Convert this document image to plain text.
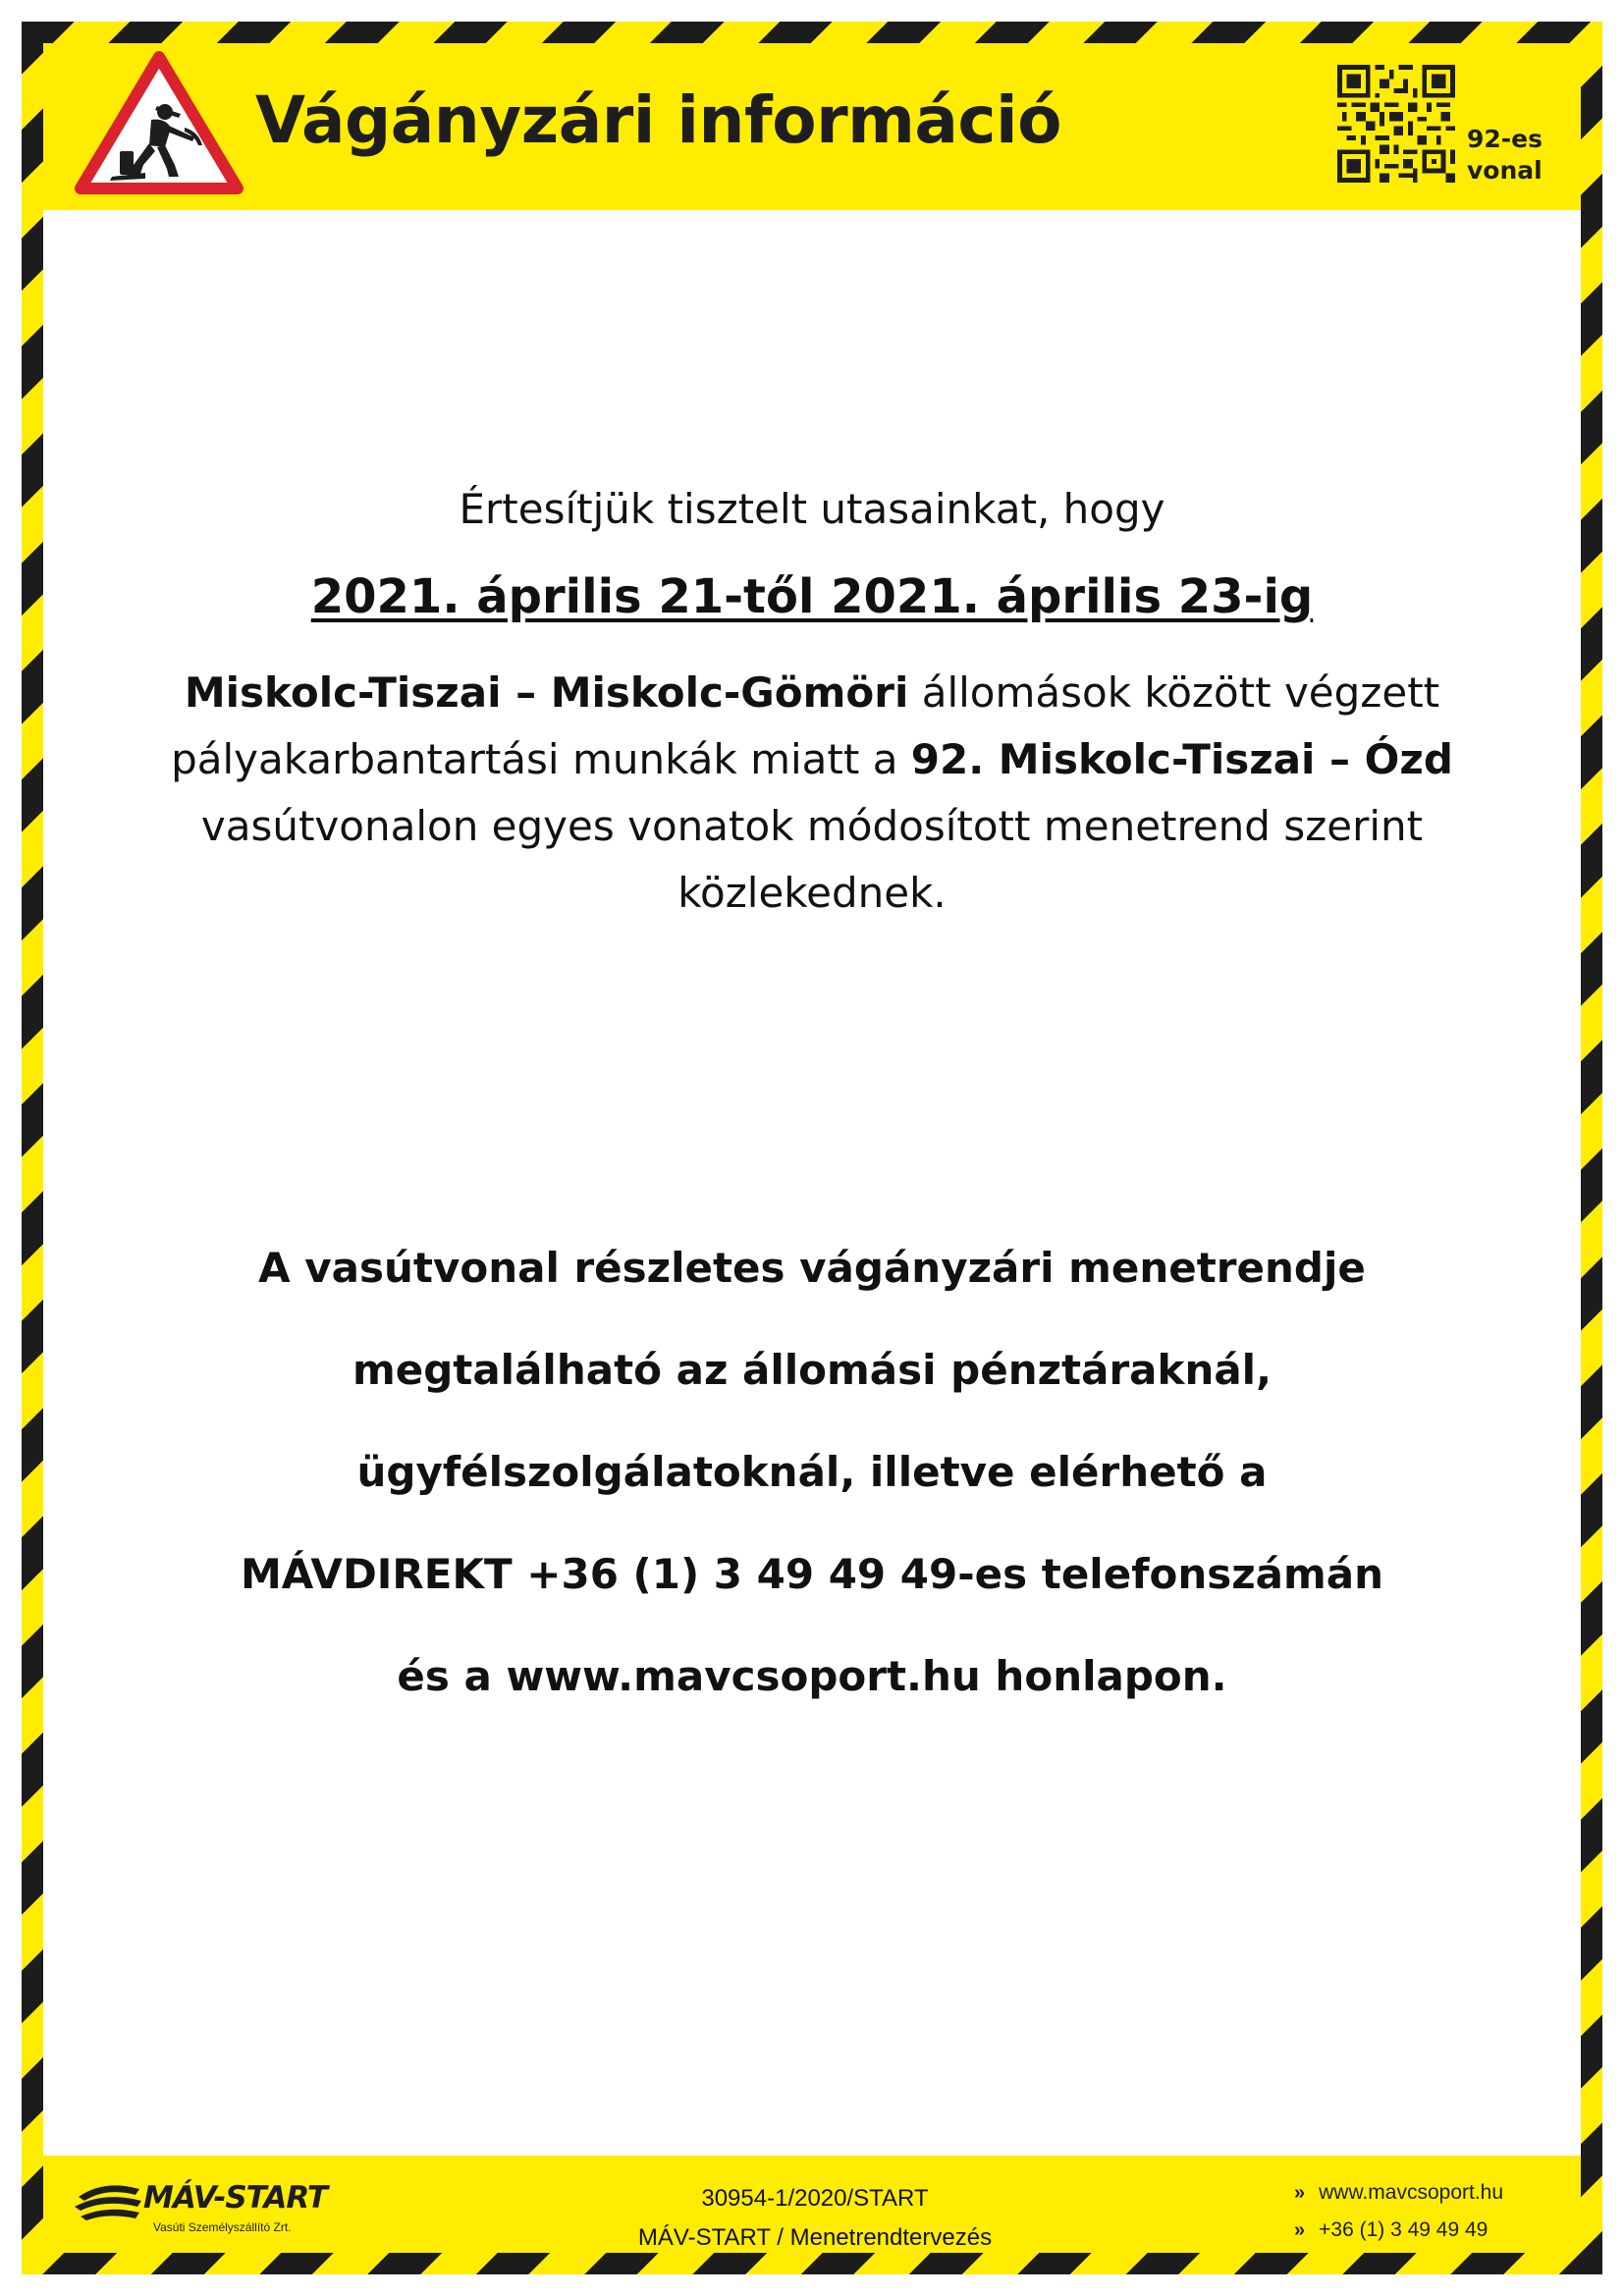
Vágányzári információ	92-es
vonal
Értesítjük tisztelt utasainkat, hogy
2021. április 21-től 2021. április 23-ig
Miskolc-Tiszai – Miskolc-Gömöri állomások között végzett pályakarbantartási munkák miatt a 92. Miskolc-Tiszai – Ózd vasútvonalon egyes vonatok módosított menetrend szerint közlekednek.
A vasútvonal részletes vágányzári menetrendje
megtalálható az állomási pénztáraknál,
ügyfélszolgálatoknál, illetve elérhető a
MÁVDIREKT +36 (1) 3 49 49 49-es telefonszámán
és a www.mavcsoport.hu honlapon.
MÁV-START
Vasúti Személyszállító Zrt.
30954-1/2020/START
MÁV-START / Menetrendtervezés
» www.mavcsoport.hu
» +36 (1) 3 49 49 49
